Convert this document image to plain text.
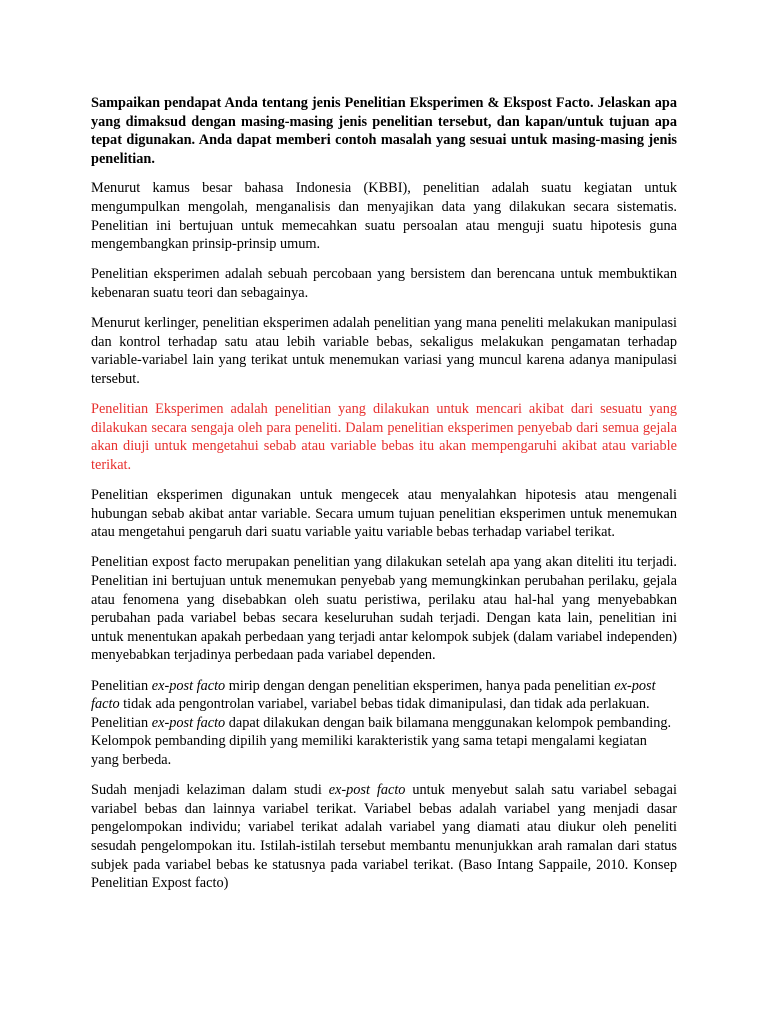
Sampaikan pendapat Anda tentang jenis Penelitian Eksperimen & Ekspost Facto. Jelaskan apa yang dimaksud dengan masing-masing jenis penelitian tersebut, dan kapan/untuk tujuan apa tepat digunakan. Anda dapat memberi contoh masalah yang sesuai untuk masing-masing jenis penelitian.

Menurut kamus besar bahasa Indonesia (KBBI), penelitian adalah suatu kegiatan untuk mengumpulkan mengolah, menganalisis dan menyajikan data yang dilakukan secara sistematis. Penelitian ini bertujuan untuk memecahkan suatu persoalan atau menguji suatu hipotesis guna mengembangkan prinsip-prinsip umum.

Penelitian eksperimen adalah sebuah percobaan yang bersistem dan berencana untuk membuktikan kebenaran suatu teori dan sebagainya.

Menurut kerlinger, penelitian eksperimen adalah penelitian yang mana peneliti melakukan manipulasi dan kontrol terhadap satu atau lebih variable bebas, sekaligus melakukan pengamatan terhadap variable-variabel lain yang terikat untuk menemukan variasi yang muncul karena adanya manipulasi tersebut.

Penelitian Eksperimen adalah penelitian yang dilakukan untuk mencari akibat dari sesuatu yang dilakukan secara sengaja oleh para peneliti. Dalam penelitian eksperimen penyebab dari semua gejala akan diuji untuk mengetahui sebab atau variable bebas itu akan mempengaruhi akibat atau variable terikat.

Penelitian eksperimen digunakan untuk mengecek atau menyalahkan hipotesis atau mengenali hubungan sebab akibat antar variable. Secara umum tujuan penelitian eksperimen untuk menemukan atau mengetahui pengaruh dari suatu variable yaitu variable bebas terhadap variabel terikat.

Penelitian expost facto merupakan penelitian yang dilakukan setelah apa yang akan diteliti itu terjadi. Penelitian ini bertujuan untuk menemukan penyebab yang memungkinkan perubahan perilaku, gejala atau fenomena yang disebabkan oleh suatu peristiwa, perilaku atau hal-hal yang menyebabkan perubahan pada variabel bebas secara keseluruhan sudah terjadi. Dengan kata lain, penelitian ini untuk menentukan apakah perbedaan yang terjadi antar kelompok subjek (dalam variabel independen) menyebabkan terjadinya perbedaan pada variabel dependen.

Penelitian ex-post facto mirip dengan dengan penelitian eksperimen, hanya pada penelitian ex-post facto tidak ada pengontrolan variabel, variabel bebas tidak dimanipulasi, dan tidak ada perlakuan. Penelitian ex-post facto dapat dilakukan dengan baik bilamana menggunakan kelompok pembanding. Kelompok pembanding dipilih yang memiliki karakteristik yang sama tetapi mengalami kegiatan yang berbeda.

Sudah menjadi kelaziman dalam studi ex-post facto untuk menyebut salah satu variabel sebagai variabel bebas dan lainnya variabel terikat. Variabel bebas adalah variabel yang menjadi dasar pengelompokan individu; variabel terikat adalah variabel yang diamati atau diukur oleh peneliti sesudah pengelompokan itu. Istilah-istilah tersebut membantu menunjukkan arah ramalan dari status subjek pada variabel bebas ke statusnya pada variabel terikat. (Baso Intang Sappaile, 2010. Konsep Penelitian Expost facto)
